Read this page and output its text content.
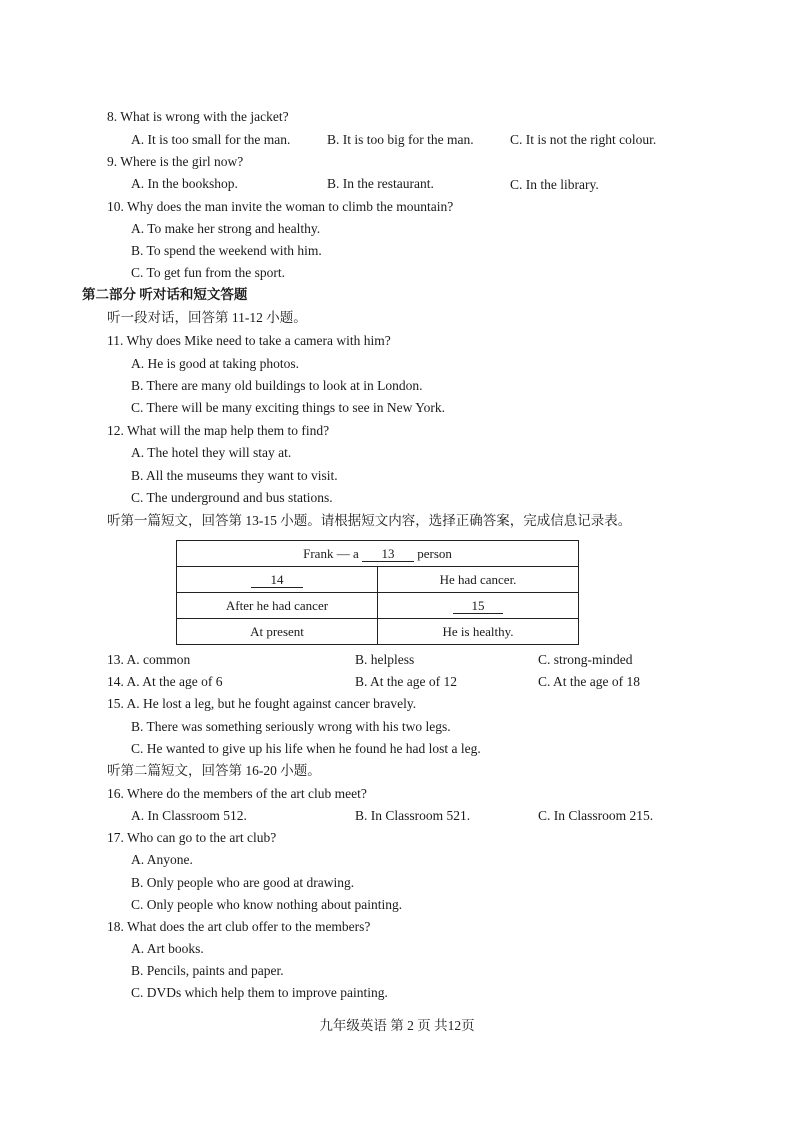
8. What is wrong with the jacket?
A. It is too small for the man.	B. It is too big for the man.	C. It is not the right colour.
9. Where is the girl now?
A. In the bookshop.	B. In the restaurant.	C. In the library.
10. Why does the man invite the woman to climb the mountain?
A. To make her strong and healthy.
B. To spend the weekend with him.
C. To get fun from the sport.
第二部分 听对话和短文答题
听一段对话，回答第 11-12 小题。
11. Why does Mike need to take a camera with him?
A. He is good at taking photos.
B. There are many old buildings to look at in London.
C. There will be many exciting things to see in New York.
12. What will the map help them to find?
A. The hotel they will stay at.
B. All the museums they want to visit.
C. The underground and bus stations.
听第一篇短文，回答第 13-15 小题。请根据短文内容，选择正确答案，完成信息记录表。
Frank — a 13 person	
14	He had cancer.
After he had cancer	15
At present	He is healthy.
13. A. common	B. helpless	C. strong-minded
14. A. At the age of 6	B. At the age of 12	C. At the age of 18
15. A. He lost a leg, but he fought against cancer bravely.
B. There was something seriously wrong with his two legs.
C. He wanted to give up his life when he found he had lost a leg.
听第二篇短文，回答第 16-20 小题。
16. Where do the members of the art club meet?
A. In Classroom 512.	B. In Classroom 521.	C. In Classroom 215.
17. Who can go to the art club?
A. Anyone.
B. Only people who are good at drawing.
C. Only people who know nothing about painting.
18. What does the art club offer to the members?
A. Art books.
B. Pencils, paints and paper.
C. DVDs which help them to improve painting.
九年级英语 第 2 页 共12页
